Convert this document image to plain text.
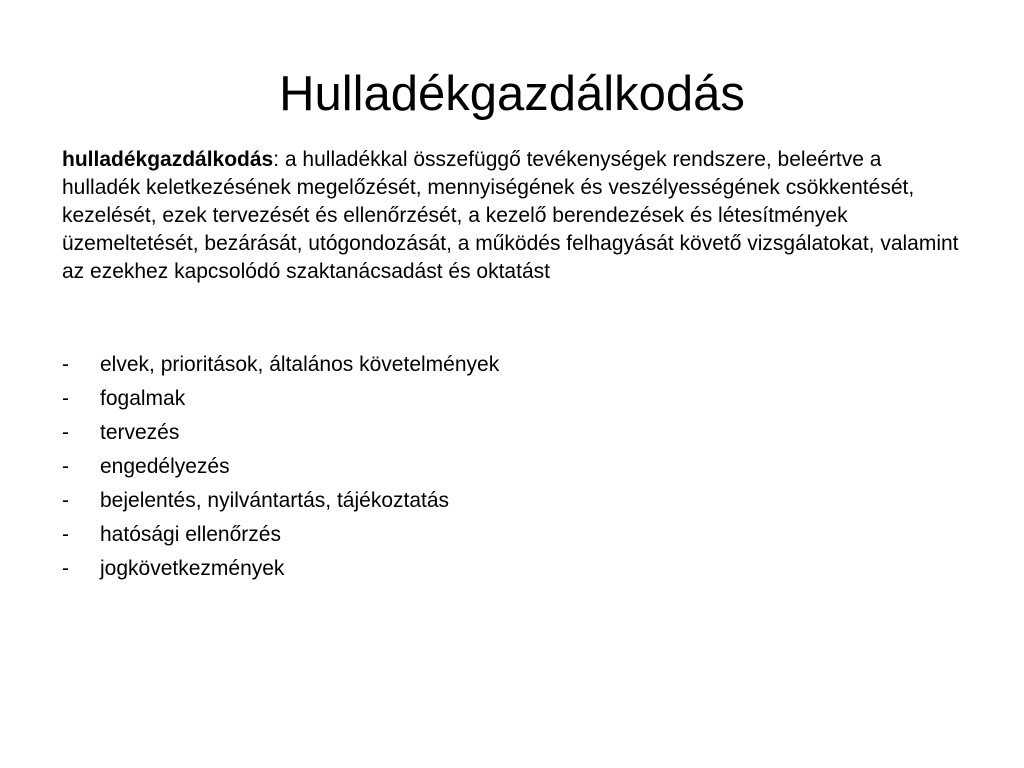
Hulladékgazdálkodás

hulladékgazdálkodás: a hulladékkal összefüggő tevékenységek rendszere, beleértve a hulladék keletkezésének megelőzését, mennyiségének és veszélyességének csökkentését, kezelését, ezek tervezését és ellenőrzését, a kezelő berendezések és létesítmények üzemeltetését, bezárását, utógondozását, a működés felhagyását követő vizsgálatokat, valamint az ezekhez kapcsolódó szaktanácsadást és oktatást

-	elvek, prioritások, általános követelmények
-	fogalmak
-	tervezés
-	engedélyezés
-	bejelentés, nyilvántartás, tájékoztatás
-	hatósági ellenőrzés
-	jogkövetkezmények
